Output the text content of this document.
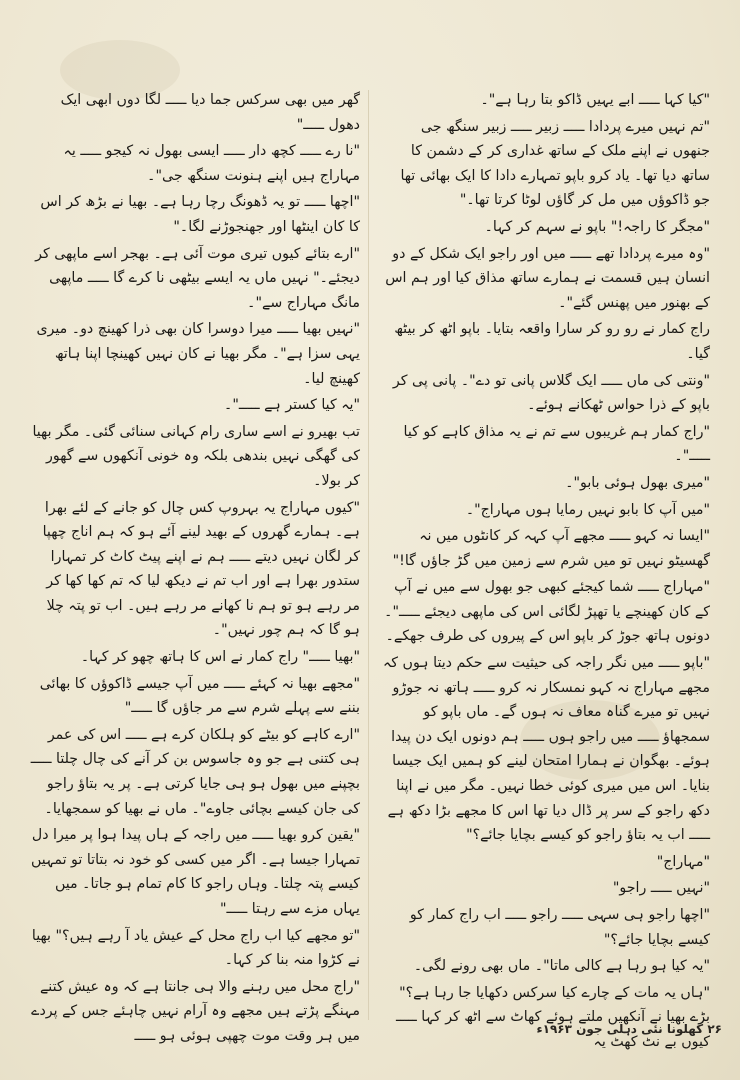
"کیا کہا ـــــ ابے یہیں ڈاکو بتا رہا ہے"۔

"تم نہیں میرے پردادا ـــــ زبیر ـــــ زبیر سنگھ جی جنھوں نے اپنے ملک کے ساتھ غداری کر کے دشمن کا ساتھ دیا تھا۔ یاد کرو باپو تمہارے دادا کا ایک بھائی تھا جو ڈاکوؤں میں مل کر گاؤں لوٹا کرتا تھا۔"

"مجگر کا راجہ!" باپو نے سہم کر کہا۔

"وہ میرے پردادا تھے ـــــ میں اور راجو ایک شکل کے دو انسان ہیں قسمت نے ہمارے ساتھ مذاق کیا اور ہم اس کے بھنور میں پھنس گئے"۔

راج کمار نے رو رو کر سارا واقعہ بتایا۔ باپو اٹھ کر بیٹھ گیا۔

"ونتی کی ماں ـــــ ایک گلاس پانی تو دے"۔ پانی پی کر باپو کے ذرا حواس ٹھکانے ہوئے۔

"راج کمار ہم غریبوں سے تم نے یہ مذاق کاہے کو کیا ـــــ"۔

"میری بھول ہوئی بابو"۔

"میں آپ کا بابو نہیں رمایا ہوں مہاراج"۔

"ایسا نہ کہو ـــــ مجھے آپ کہہ کر کانٹوں میں نہ گھسیٹو نہیں تو میں شرم سے زمین میں گڑ جاؤں گا!"

"مہاراج ـــــ شما کیجئے کبھی جو بھول سے میں نے آپ کے کان کھینچے یا تھپڑ لگائی اس کی ماپھی دیجئے ـــــ"۔ دونوں ہاتھ جوڑ کر باپو اس کے پیروں کی طرف جھکے۔

"باپو ـــــ میں نگر راجہ کی حیثیت سے حکم دیتا ہوں کہ مجھے مہاراج نہ کہو نمسکار نہ کرو ـــــ ہاتھ نہ جوڑو نہیں تو میرے گناہ معاف نہ ہوں گے۔ ماں باپو کو سمجھاؤ ـــــ میں راجو ہوں ـــــ ہم دونوں ایک دن پیدا ہوئے۔ بھگوان نے ہمارا امتحان لینے کو ہمیں ایک جیسا بنایا۔ اس میں میری کوئی خطا نہیں۔ مگر میں نے اپنا دکھ راجو کے سر پر ڈال دیا تھا اس کا مجھے بڑا دکھ ہے ـــــ اب یہ بتاؤ راجو کو کیسے بچایا جائے؟"

"مہاراج"

"نہیں ـــــ راجو"

"اچھا راجو ہی سہی ـــــ راجو ـــــ اب راج کمار کو کیسے بچایا جائے؟"

"یہ کیا ہو رہا ہے کالی ماتا"۔ ماں بھی رونے لگی۔

"ہاں یہ مات کے چارے کیا سرکس دکھایا جا رہا ہے؟" بڑے بھیا نے آنکھیں ملتے ہوئے کھاٹ سے اٹھ کر کہا ـــــ کیوں بے نٹ کھٹ یہ

گھر میں بھی سرکس جما دیا ـــــ لگا دوں ابھی ایک دھول ـــــ"

"نا رے ـــــ کچھ دار ـــــ ایسی بھول نہ کیجو ـــــ یہ مہاراج ہیں اپنے ہنونت سنگھ جی"۔

"اچھا ـــــ تو یہ ڈھونگ رچا رہا ہے۔ بھیا نے بڑھ کر اس کا کان اینٹھا اور جھنجوڑنے لگا۔"

"ارے بتائے کیوں تیری موت آئی ہے۔ بھجر اسے ماپھی کر دیجئے۔" نہیں ماں یہ ایسے بیٹھی نا کرے گا ـــــ ماپھی مانگ مہاراج سے"۔

"نہیں بھیا ـــــ میرا دوسرا کان بھی ذرا کھینچ دو۔ میری یہی سزا ہے"۔ مگر بھیا نے کان نہیں کھینچا اپنا ہاتھ کھینچ لیا۔

"یہ کیا کستر ہے ـــــ"۔

تب بھیرو نے اسے ساری رام کہانی سنائی گئی۔ مگر بھیا کی گھگی نہیں بندھی بلکہ وہ خونی آنکھوں سے گھور کر بولا۔

"کیوں مہاراج یہ بہروپ کس چال کو جانے کے لئے بھرا ہے۔ ہمارے گھروں کے بھید لینے آئے ہو کہ ہم اناج چھپا کر لگان نہیں دیتے ـــــ ہم نے اپنے پیٹ کاٹ کر تمہارا ستدور بھرا ہے اور اب تم نے دیکھ لیا کہ تم کھا کھا کر مر رہے ہو تو ہم نا کھانے مر رہے ہیں۔ اب تو پتہ چلا ہو گا کہ ہم چور نہیں"۔

"بھیا ـــــ" راج کمار نے اس کا ہاتھ چھو کر کہا۔

"مجھے بھیا نہ کہئے ـــــ میں آپ جیسے ڈاکوؤں کا بھائی بننے سے پہلے شرم سے مر جاؤں گا ـــــ"

"ارے کاہے کو بیٹے کو ہلکان کرے ہے ـــــ اس کی عمر ہی کتنی ہے جو وہ جاسوس بن کر آنے کی چال چلتا ـــــ بچپنے میں بھول ہو ہی جایا کرتی ہے۔ پر یہ بتاؤ راجو کی جان کیسے بچائی جاوے"۔ ماں نے بھیا کو سمجھایا۔

"یقین کرو بھیا ـــــ میں راجہ کے ہاں پیدا ہوا پر میرا دل تمہارا جیسا ہے۔ اگر میں کسی کو خود نہ بتاتا تو تمہیں کیسے پتہ چلتا۔ وہاں راجو کا کام تمام ہو جاتا۔ میں یہاں مزے سے رہتا ـــــ"

"تو مجھے کیا اب راج محل کے عیش یاد آ رہے ہیں؟" بھیا نے کڑوا منہ بنا کر کہا۔

"راج محل میں رہنے والا ہی جانتا ہے کہ وہ عیش کتنے مہنگے پڑتے ہیں مجھے وہ آرام نہیں چاہئے جس کے پردے میں ہر وقت موت چھپی ہوئی ہو ـــــ	۲۶ کھلونا نئی دہلی جون ۱۹۶۳ء
